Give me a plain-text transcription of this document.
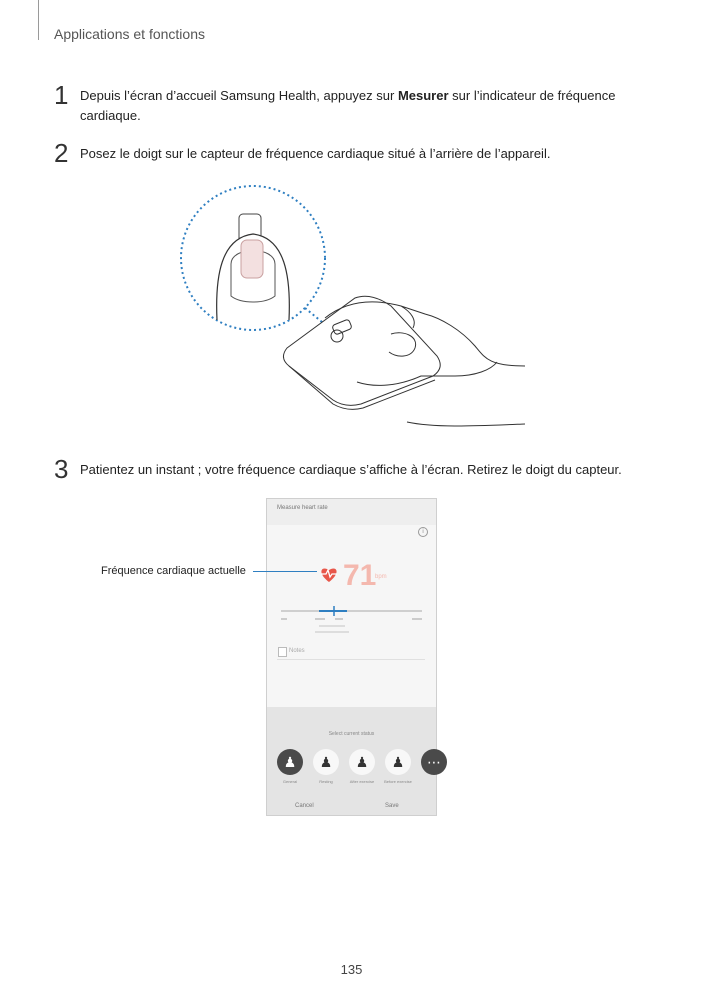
Applications et fonctions
1 Depuis l’écran d’accueil Samsung Health, appuyez sur Mesurer sur l’indicateur de fréquence cardiaque.
2 Posez le doigt sur le capteur de fréquence cardiaque situé à l’arrière de l’appareil.
3 Patientez un instant ; votre fréquence cardiaque s’affiche à l’écran. Retirez le doigt du capteur.
Measure heart rate
i
71
bpm
Notes
Select current status
♟	♟	♟	♟	⋯
General	Resting	After exercise	Before exercise
Cancel	Save
Fréquence cardiaque actuelle
135
